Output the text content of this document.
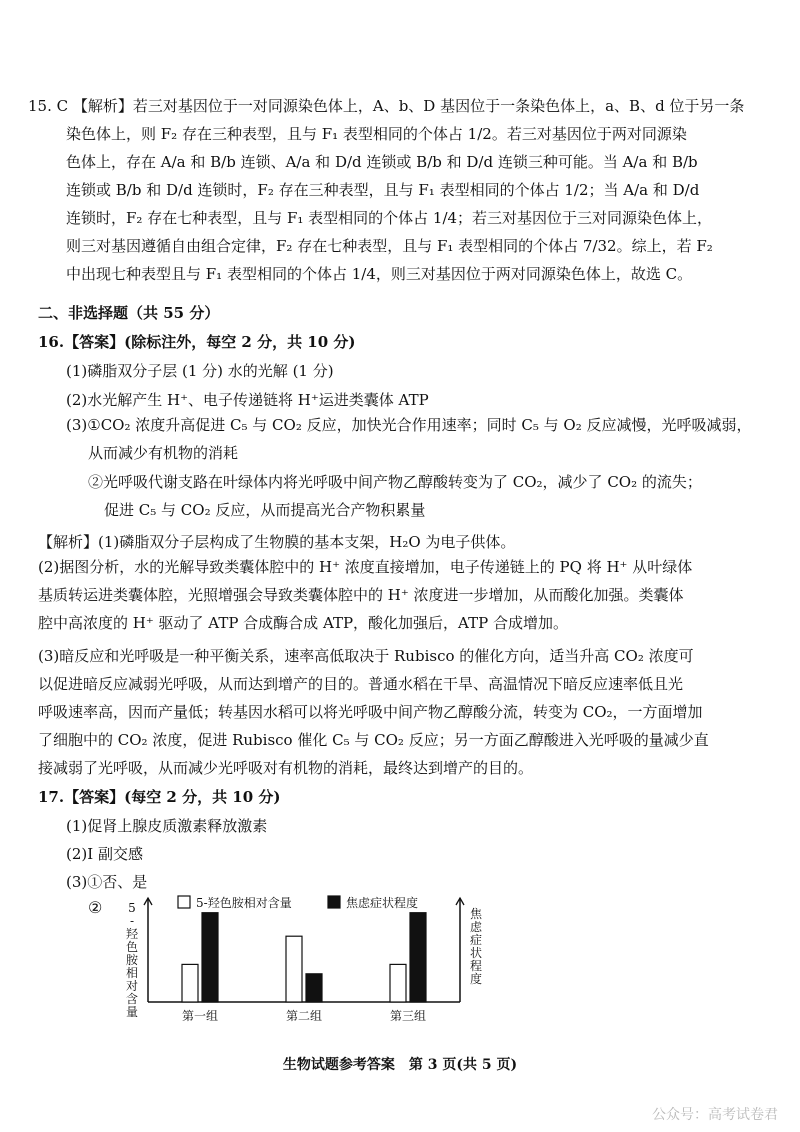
15. C 【解析】若三对基因位于一对同源染色体上，A、b、D 基因位于一条染色体上，a、B、d 位于另一条
染色体上，则 F₂ 存在三种表型，且与 F₁ 表型相同的个体占 1/2。若三对基因位于两对同源染
色体上，存在 A/a 和 B/b 连锁、A/a 和 D/d 连锁或 B/b 和 D/d 连锁三种可能。当 A/a 和 B/b
连锁或 B/b 和 D/d 连锁时，F₂ 存在三种表型，且与 F₁ 表型相同的个体占 1/2；当 A/a 和 D/d
连锁时，F₂ 存在七种表型，且与 F₁ 表型相同的个体占 1/4；若三对基因位于三对同源染色体上，
则三对基因遵循自由组合定律，F₂ 存在七种表型，且与 F₁ 表型相同的个体占 7/32。综上，若 F₂
中出现七种表型且与 F₁ 表型相同的个体占 1/4，则三对基因位于两对同源染色体上，故选 C。
二、非选择题（共 55 分）
16.【答案】(除标注外，每空 2 分，共 10 分)
(1)磷脂双分子层 (1 分) 水的光解 (1 分)
(2)水光解产生 H⁺、电子传递链将 H⁺运进类囊体 ATP
(3)①CO₂ 浓度升高促进 C₅ 与 CO₂ 反应，加快光合作用速率；同时 C₅ 与 O₂ 反应减慢，光呼吸减弱，
从而减少有机物的消耗
②光呼吸代谢支路在叶绿体内将光呼吸中间产物乙醇酸转变为了 CO₂，减少了 CO₂ 的流失；
促进 C₅ 与 CO₂ 反应，从而提高光合产物积累量
【解析】(1)磷脂双分子层构成了生物膜的基本支架，H₂O 为电子供体。
(2)据图分析，水的光解导致类囊体腔中的 H⁺ 浓度直接增加，电子传递链上的 PQ 将 H⁺ 从叶绿体
基质转运进类囊体腔，光照增强会导致类囊体腔中的 H⁺ 浓度进一步增加，从而酸化加强。类囊体
腔中高浓度的 H⁺ 驱动了 ATP 合成酶合成 ATP，酸化加强后，ATP 合成增加。
(3)暗反应和光呼吸是一种平衡关系，速率高低取决于 Rubisco 的催化方向，适当升高 CO₂ 浓度可
以促进暗反应减弱光呼吸，从而达到增产的目的。普通水稻在干旱、高温情况下暗反应速率低且光
呼吸速率高，因而产量低；转基因水稻可以将光呼吸中间产物乙醇酸分流，转变为 CO₂，一方面增加
了细胞中的 CO₂ 浓度，促进 Rubisco 催化 C₅ 与 CO₂ 反应；另一方面乙醇酸进入光呼吸的量减少直
接减弱了光呼吸，从而减少光呼吸对有机物的消耗，最终达到增产的目的。
17.【答案】(每空 2 分，共 10 分)
(1)促肾上腺皮质激素释放激素
(2)Ⅰ 副交感
(3)①否、是
② 5
-
羟
色
胺
相
对
含
量
焦
虑
症
状
程
度
第一组	第二组	第三组
5-羟色胺相对含量	焦虑症状程度
生物试题参考答案　第 3 页(共 5 页)
公众号：高考试卷君
